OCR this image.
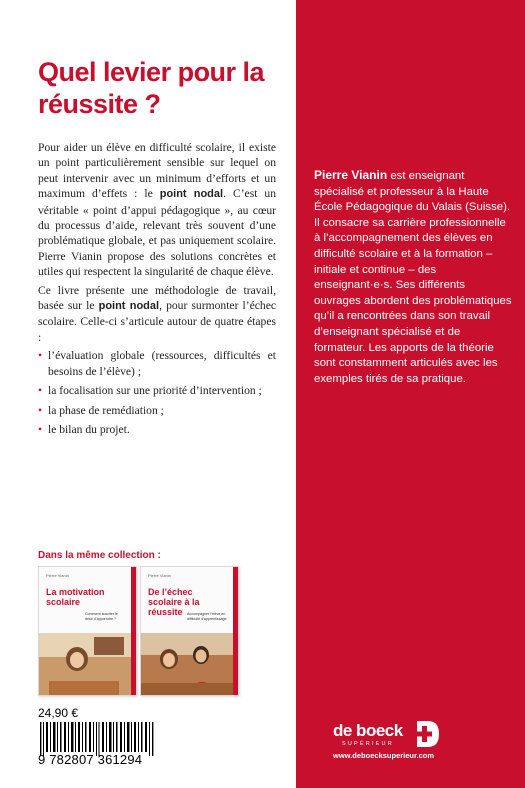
Quel levier pour la réussite ?

Pour aider un élève en difficulté scolaire, il existe un point particulièrement sensible sur lequel on peut intervenir avec un minimum d’efforts et un maximum d’effets : le point nodal. C’est un véritable « point d’appui pédagogique », au cœur du processus d’aide, relevant très souvent d’une problématique globale, et pas uniquement scolaire. Pierre Vianin propose des solutions concrètes et utiles qui respectent la singularité de chaque élève.

Ce livre présente une méthodologie de travail, basée sur le point nodal, pour surmonter l’échec scolaire. Celle-ci s’articule autour de quatre étapes :

• l’évaluation globale (ressources, difficultés et besoins de l’élève) ;
• la focalisation sur une priorité d’intervention ;
• la phase de remédiation ;
• le bilan du projet.
Pierre Vianin est enseignant spécialisé et professeur à la Haute École Pédagogique du Valais (Suisse). Il consacre sa carrière professionnelle à l’accompagnement des élèves en difficulté scolaire et à la formation – initiale et continue – des enseignant·e·s. Ses différents ouvrages abordent des problématiques qu’il a rencontrées dans son travail d’enseignant spécialisé et de formateur. Les apports de la théorie sont constamment articulés avec les exemples tirés de sa pratique.
Dans la même collection :
Pierre Vianin
La motivation scolaire
Comment susciter le désir d’apprendre ?
Pierre Vianin
De l’échec scolaire à la réussite	Accompagner l’élève en difficulté d’apprentissage
24,90 €
9 782807 361294
de boeck
SUPÉRIEUR
www.deboecksuperieur.com
